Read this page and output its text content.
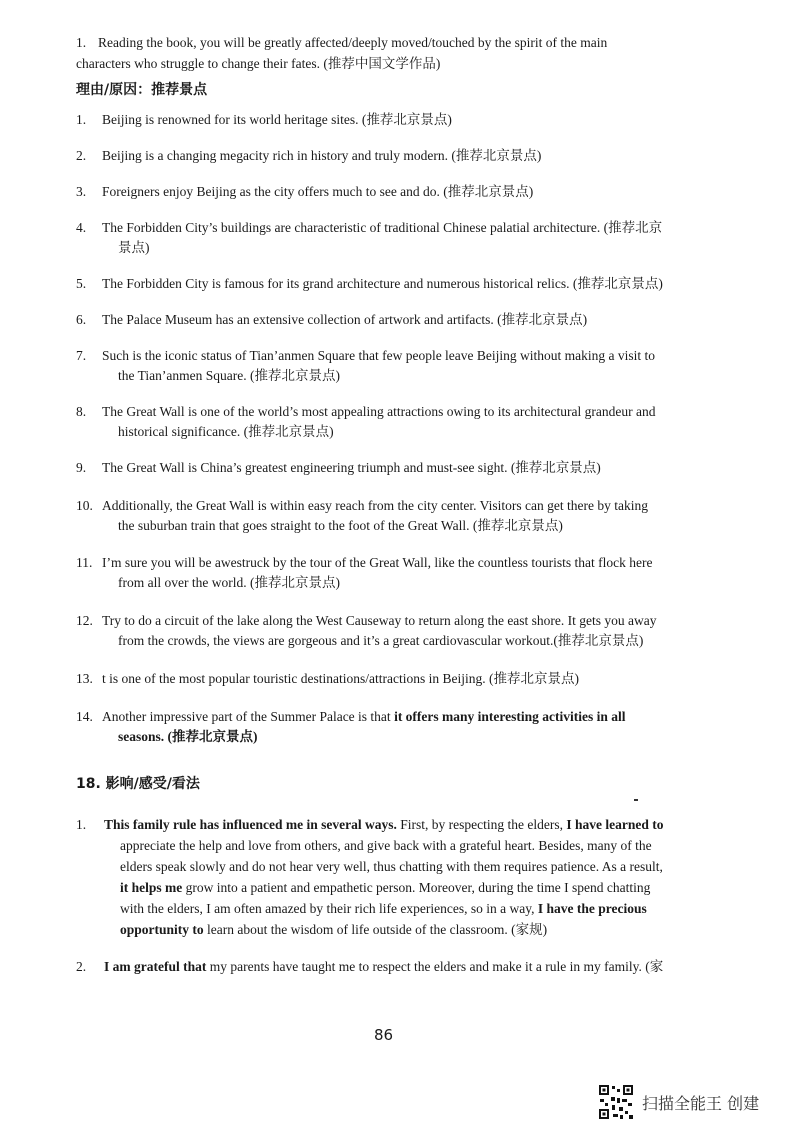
1. Reading the book, you will be greatly affected/deeply moved/touched by the spirit of the main
characters who struggle to change their fates. (推荐中国文学作品)
理由/原因：推荐景点
1.	Beijing is renowned for its world heritage sites. (推荐北京景点)
2.	Beijing is a changing megacity rich in history and truly modern. (推荐北京景点)
3.	Foreigners enjoy Beijing as the city offers much to see and do. (推荐北京景点)
4.	The Forbidden City’s buildings are characteristic of traditional Chinese palatial architecture. (推荐北京
景点)
5.	The Forbidden City is famous for its grand architecture and numerous historical relics. (推荐北京景点)
6.	The Palace Museum has an extensive collection of artwork and artifacts. (推荐北京景点)
7.	Such is the iconic status of Tian’anmen Square that few people leave Beijing without making a visit to
the Tian’anmen Square. (推荐北京景点)
8.	The Great Wall is one of the world’s most appealing attractions owing to its architectural grandeur and
historical significance. (推荐北京景点)
9.	The Great Wall is China’s greatest engineering triumph and must-see sight. (推荐北京景点)
10. Additionally, the Great Wall is within easy reach from the city center. Visitors can get there by taking
the suburban train that goes straight to the foot of the Great Wall. (推荐北京景点)
11. I’m sure you will be awestruck by the tour of the Great Wall, like the countless tourists that flock here
from all over the world. (推荐北京景点)
12. Try to do a circuit of the lake along the West Causeway to return along the east shore. It gets you away
from the crowds, the views are gorgeous and it’s a great cardiovascular workout.(推荐北京景点)
13. t is one of the most popular touristic destinations/attractions in Beijing. (推荐北京景点)
14. Another impressive part of the Summer Palace is that it offers many interesting activities in all
seasons. (推荐北京景点)
18. 影响/感受/看法
1. This family rule has influenced me in several ways. First, by respecting the elders, I have learned to
appreciate the help and love from others, and give back with a grateful heart. Besides, many of the
elders speak slowly and do not hear very well, thus chatting with them requires patience. As a result,
it helps me grow into a patient and empathetic person. Moreover, during the time I spend chatting
with the elders, I am often amazed by their rich life experiences, so in a way, I have the precious
opportunity to learn about the wisdom of life outside of the classroom. (家规)
2. I am grateful that my parents have taught me to respect the elders and make it a rule in my family. (家
86
扫描全能王 创建
